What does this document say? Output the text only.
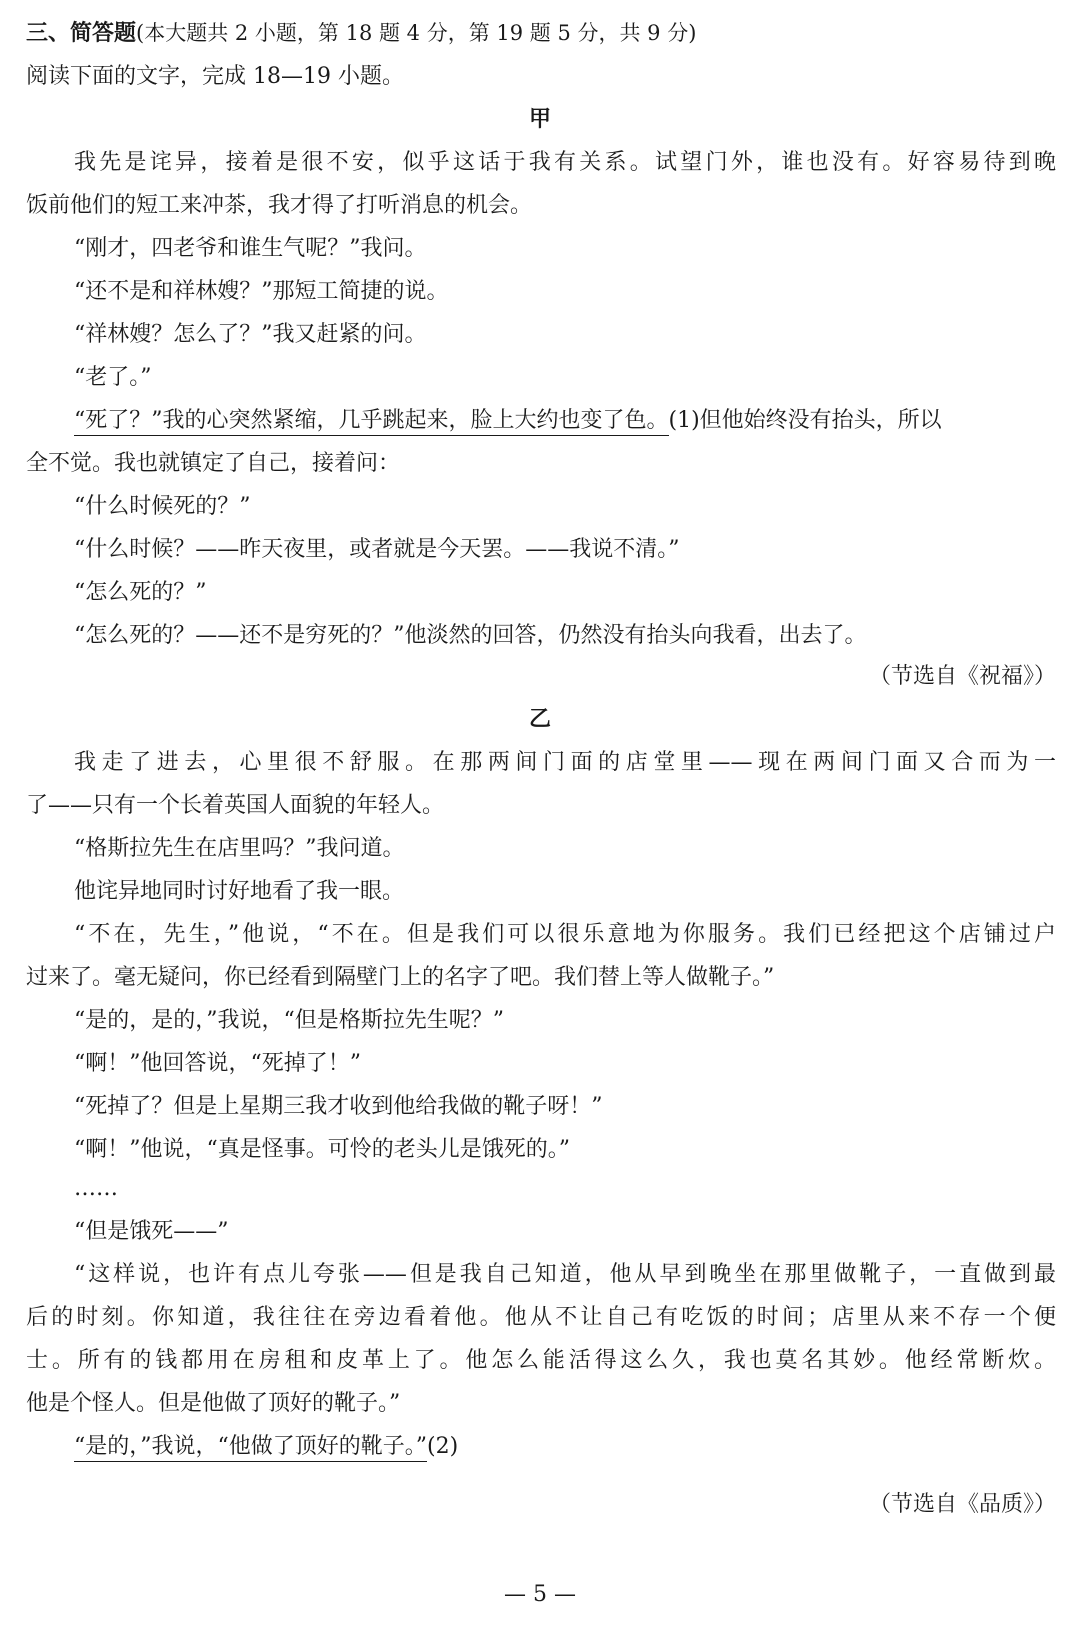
三、简答题(本大题共 2 小题，第 18 题 4 分，第 19 题 5 分，共 9 分)
阅读下面的文字，完成 18—19 小题。
甲
我先是诧异，接着是很不安，似乎这话于我有关系。试望门外，谁也没有。好容易待到晚
饭前他们的短工来冲茶，我才得了打听消息的机会。
“刚才，四老爷和谁生气呢？”我问。
“还不是和祥林嫂？”那短工简捷的说。
“祥林嫂？怎么了？”我又赶紧的问。
“老了。”
“死了？”我的心突然紧缩，几乎跳起来，脸上大约也变了色。(1)但他始终没有抬头，所以
全不觉。我也就镇定了自己，接着问：
“什么时候死的？”
“什么时候？——昨天夜里，或者就是今天罢。——我说不清。”
“怎么死的？”
“怎么死的？——还不是穷死的？”他淡然的回答，仍然没有抬头向我看，出去了。
（节选自《祝福》）
乙
我走了进去，心里很不舒服。在那两间门面的店堂里——现在两间门面又合而为一
了——只有一个长着英国人面貌的年轻人。
“格斯拉先生在店里吗？”我问道。
他诧异地同时讨好地看了我一眼。
“不在，先生，”他说，“不在。但是我们可以很乐意地为你服务。我们已经把这个店铺过户
过来了。毫无疑问，你已经看到隔壁门上的名字了吧。我们替上等人做靴子。”
“是的，是的，”我说，“但是格斯拉先生呢？”
“啊！”他回答说，“死掉了！”
“死掉了？但是上星期三我才收到他给我做的靴子呀！”
“啊！”他说，“真是怪事。可怜的老头儿是饿死的。”
……
“但是饿死——”
“这样说，也许有点儿夸张——但是我自己知道，他从早到晚坐在那里做靴子，一直做到最
后的时刻。你知道，我往往在旁边看着他。他从不让自己有吃饭的时间；店里从来不存一个便
士。所有的钱都用在房租和皮革上了。他怎么能活得这么久，我也莫名其妙。他经常断炊。
他是个怪人。但是他做了顶好的靴子。”
“是的，”我说，“他做了顶好的靴子。”(2)
（节选自《品质》）
— 5 —
